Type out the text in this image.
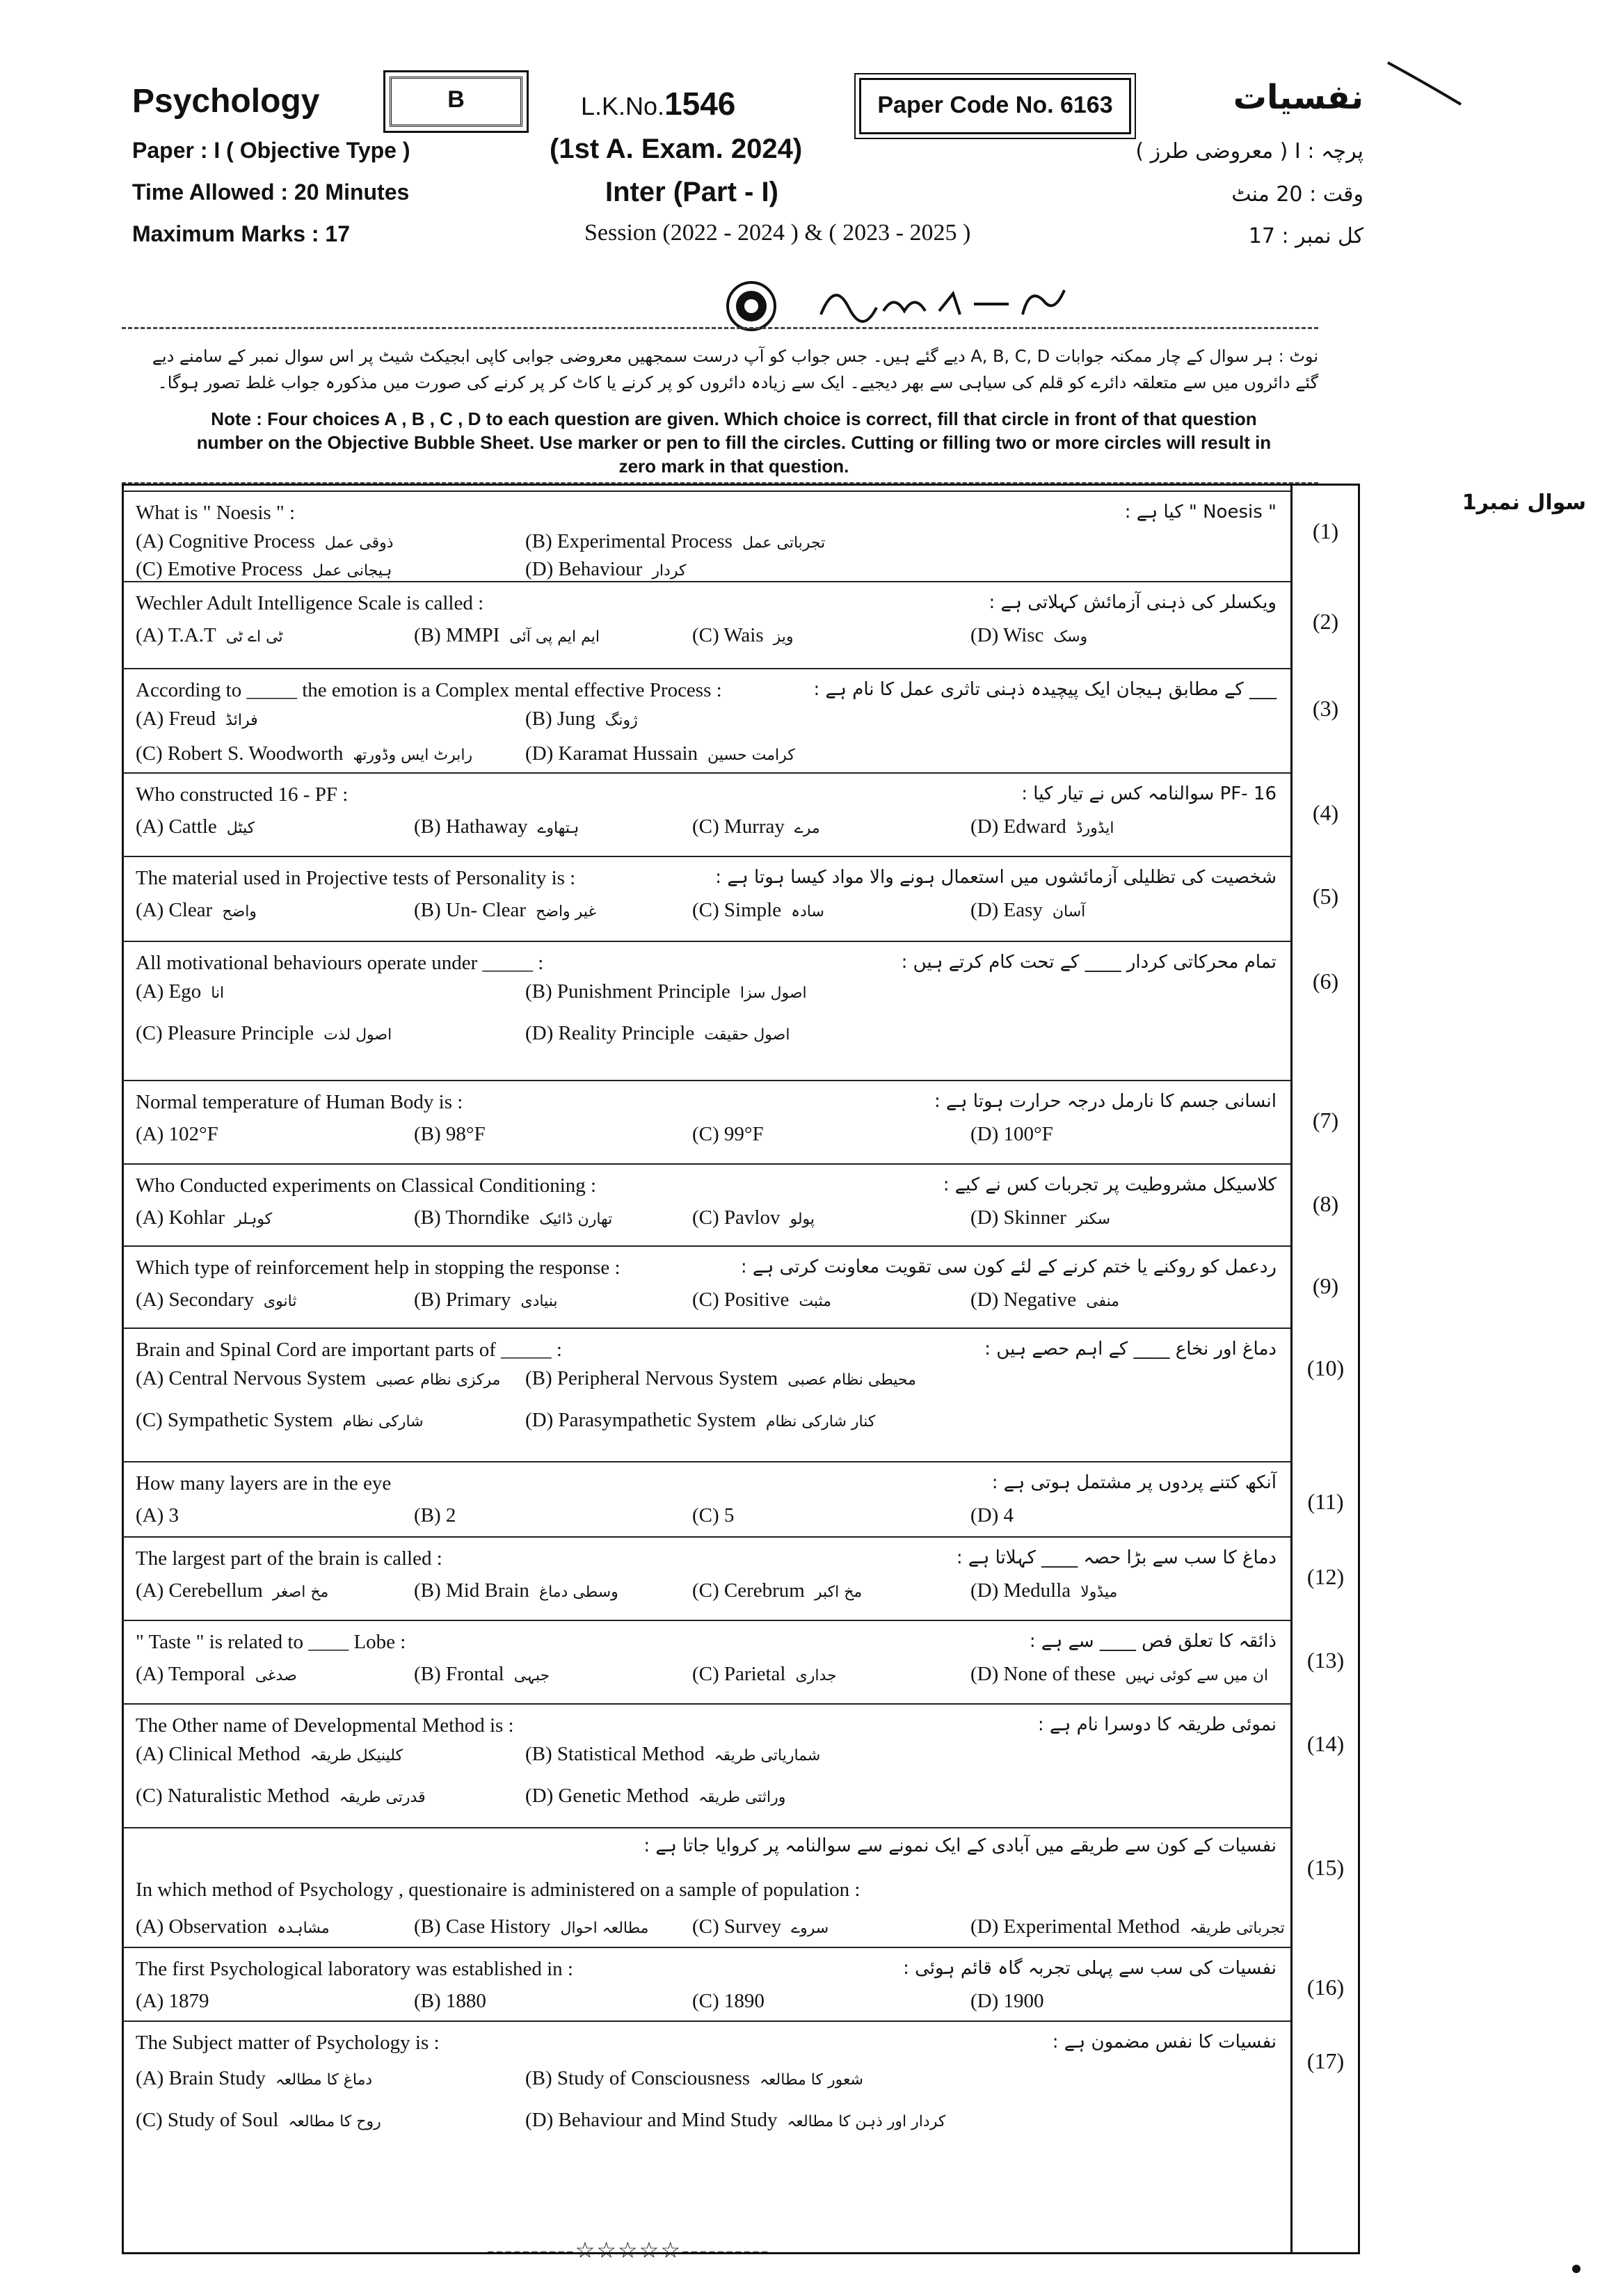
Psychology	B	L.K.No.1546	Paper Code No. 6163	نفسیات
Paper : I ( Objective Type )
Time Allowed : 20 Minutes
Maximum Marks : 17
(1st A. Exam. 2024)
Inter (Part - I)
Session (2022 - 2024 ) & ( 2023 - 2025 )
پرچہ : I ( معروضی طرز )
وقت : 20 منٹ
کل نمبر : 17
نوٹ : ہر سوال کے چار ممکنہ جوابات A, B, C, D دیے گئے ہیں۔ جس جواب کو آپ درست سمجھیں معروضی جوابی کاپی ابجیکٹ شیٹ پر اس سوال نمبر کے سامنے دیے گئے دائروں میں سے متعلقہ دائرے کو قلم کی سیاہی سے بھر دیجیے۔ ایک سے زیادہ دائروں کو پر کرنے یا کاٹ کر پر کرنے کی صورت میں مذکورہ جواب غلط تصور ہوگا۔
Note : Four choices A , B , C , D to each question are given. Which choice is correct, fill that circle in front of that question number on the Objective Bubble Sheet. Use marker or pen to fill the circles. Cutting or filling two or more circles will result in zero mark in that question.
سوال نمبر1
What is " Noesis " :	" Noesis " کیا ہے :
(A) Cognitive Process ذوقی عمل	(B) Experimental Process تجرباتی عمل
(C) Emotive Process ہیجانی عمل	(D) Behaviour کردار
(1)
Wechler Adult Intelligence Scale is called :	ویکسلر کی ذہنی آزمائش کہلاتی ہے :
(A) T.A.T ٹی اے ٹی	(B) MMPI ایم ایم پی آئی	(C) Wais ویز	(D) Wisc وسک
(2)
According to _____ the emotion is a Complex mental effective Process :	___ کے مطابق ہیجان ایک پیچیدہ ذہنی تاثری عمل کا نام ہے :
(A) Freud فرائڈ	(B) Jung ژونگ
(C) Robert S. Woodworth رابرٹ ایس وڈورتھ	(D) Karamat Hussain کرامت حسین
(3)
Who constructed 16 - PF :	16 -PF سوالنامہ کس نے تیار کیا :
(A) Cattle کیٹل	(B) Hathaway ہتھاوے	(C) Murray مرے	(D) Edward ایڈورڈ
(4)
The material used in Projective tests of Personality is :	شخصیت کی تظلیلی آزمائشوں میں استعمال ہونے والا مواد کیسا ہوتا ہے :
(A) Clear واضح	(B) Un- Clear غیر واضح	(C) Simple سادہ	(D) Easy آسان
(5)
All motivational behaviours operate under _____ :	تمام محرکاتی کردار ____ کے تحت کام کرتے ہیں :
(A) Ego انا	(B) Punishment Principle اصول سزا
(C) Pleasure Principle اصول لذت	(D) Reality Principle اصول حقیقت
(6)
Normal temperature of Human Body is :	انسانی جسم کا نارمل درجہ حرارت ہوتا ہے :
(A) 102°F	(B) 98°F	(C) 99°F	(D) 100°F
(7)
Who Conducted experiments on Classical Conditioning :	کلاسیکل مشروطیت پر تجربات کس نے کیے :
(A) Kohlar کوہلر	(B) Thorndike تھارن ڈائیک	(C) Pavlov پولو	(D) Skinner سکنر
(8)
Which type of reinforcement help in stopping the response :	ردعمل کو روکنے یا ختم کرنے کے لئے کون سی تقویت معاونت کرتی ہے :
(A) Secondary ثانوی	(B) Primary بنیادی	(C) Positive مثبت	(D) Negative منفی
(9)
Brain and Spinal Cord are important parts of _____ :	دماغ اور نخاع ____ کے اہم حصے ہیں :
(A) Central Nervous System مرکزی نظام عصبی (B) Peripheral Nervous System محیطی نظام عصبی
(C) Sympathetic System شارکی نظام	(D) Parasympathetic System کنار شارکی نظام
(10)
How many layers are in the eye	آنکھ کتنے پردوں پر مشتمل ہوتی ہے :
(A) 3	(B) 2	(C) 5	(D) 4
(11)
The largest part of the brain is called :	دماغ کا سب سے بڑا حصہ ____ کہلاتا ہے :
(A) Cerebellum مخ اصغر	(B) Mid Brain وسطی دماغ	(C) Cerebrum مخ اکبر	(D) Medulla میڈولا
(12)
" Taste " is related to ____ Lobe :	ذائقہ کا تعلق فص ____ سے ہے :
(A) Temporal صدغی	(B) Frontal جبہی	(C) Parietal جداری	(D) None of these ان میں سے کوئی نہیں
(13)
The Other name of Developmental Method is :	نموئی طریقہ کا دوسرا نام ہے :
(A) Clinical Method کلینیکل طریقہ	(B) Statistical Method شماریاتی طریقہ
(C) Naturalistic Method قدرتی طریقہ	(D) Genetic Method وراثتی طریقہ
(14)
In which method of Psychology , questionaire is administered on a sample of population :
نفسیات کے کون سے طریقے میں آبادی کے ایک نمونے سے سوالنامہ پر کروایا جاتا ہے :
(A) Observation مشاہدہ	(B) Case History مطالعہ احوال (C) Survey سروے	(D) Experimental Method تجرباتی طریقہ
(15)
The first Psychological laboratory was established in :	نفسیات کی سب سے پہلی تجربہ گاہ قائم ہوئی :
(A) 1879	(B) 1880	(C) 1890	(D) 1900
(16)
The Subject matter of Psychology is :	نفسیات کا نفس مضمون ہے :
(A) Brain Study دماغ کا مطالعہ	(B) Study of Consciousness شعور کا مطالعہ
(C) Study of Soul روح کا مطالعہ	(D) Behaviour and Mind Study کردار اور ذہن کا مطالعہ
(17)
----------☆☆☆☆☆----------
